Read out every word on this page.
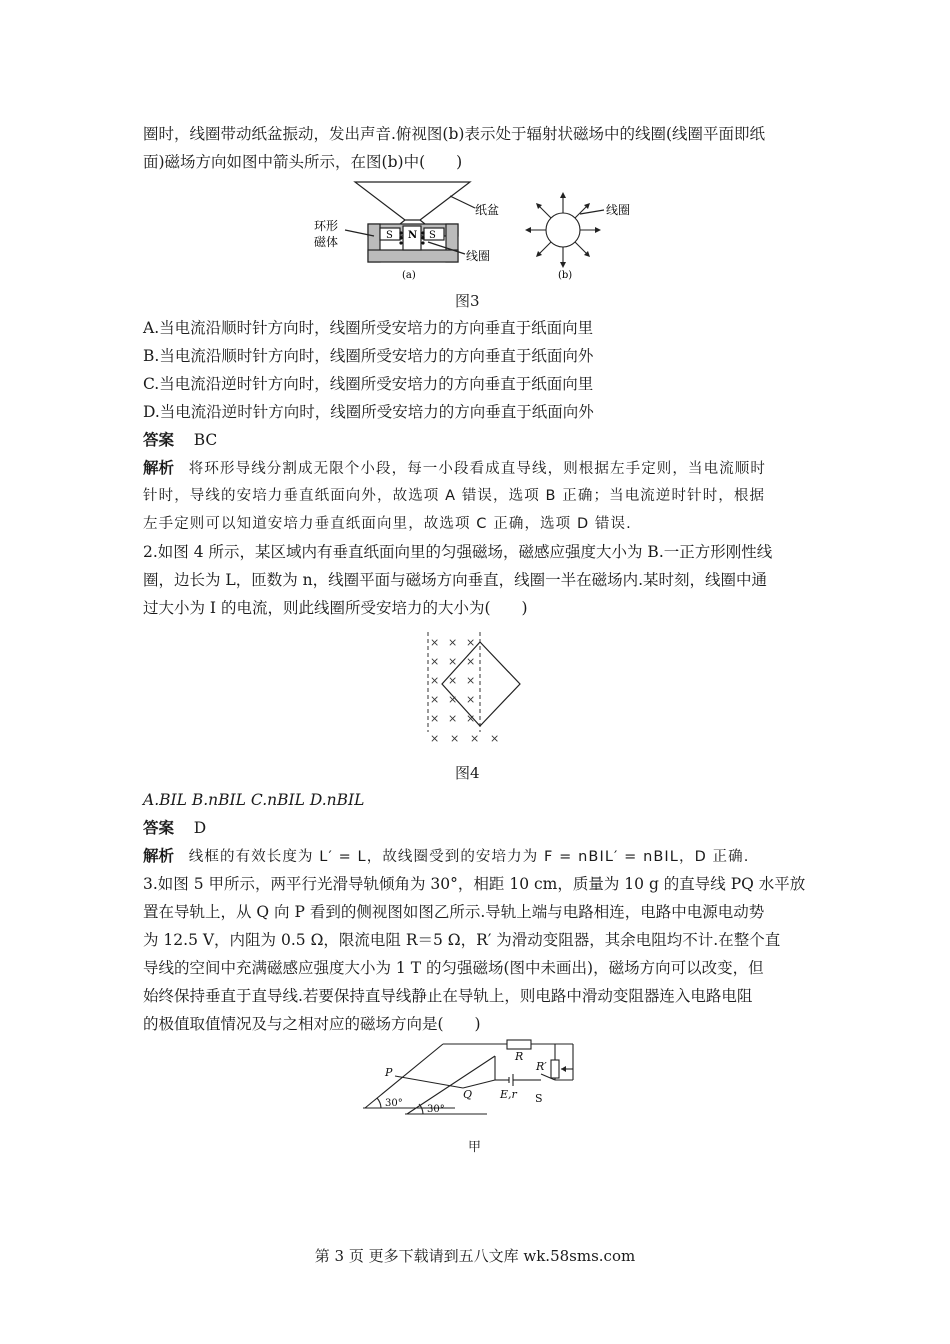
圈时，线圈带动纸盆振动，发出声音.俯视图(b)表示处于辐射状磁场中的线圈(线圈平面即纸
面)磁场方向如图中箭头所示，在图(b)中(　　)
纸盆
环形
磁体
线圈
S N S
(a)
线圈
(b)
图3
A.当电流沿顺时针方向时，线圈所受安培力的方向垂直于纸面向里
B.当电流沿顺时针方向时，线圈所受安培力的方向垂直于纸面向外
C.当电流沿逆时针方向时，线圈所受安培力的方向垂直于纸面向里
D.当电流沿逆时针方向时，线圈所受安培力的方向垂直于纸面向外
答案 BC
解析 将环形导线分割成无限个小段，每一小段看成直导线，则根据左手定则，当电流顺时
针时，导线的安培力垂直纸面向外，故选项 A 错误，选项 B 正确；当电流逆时针时，根据
左手定则可以知道安培力垂直纸面向里，故选项 C 正确，选项 D 错误.
2.如图 4 所示，某区域内有垂直纸面向里的匀强磁场，磁感应强度大小为 B.一正方形刚性线
圈，边长为 L，匝数为 n，线圈平面与磁场方向垂直，线圈一半在磁场内.某时刻，线圈中通
过大小为 I 的电流，则此线圈所受安培力的大小为(　　)
× × ×
× × ×
× × ×
× × ×
× × ×
× × × ×
图4
A.BIL B.nBIL C.nBIL D.nBIL
答案 D
解析 线框的有效长度为 L′ = L，故线圈受到的安培力为 F = nBIL′ = nBIL，D 正确.
3.如图 5 甲所示，两平行光滑导轨倾角为 30°，相距 10 cm，质量为 10 g 的直导线 PQ 水平放
置在导轨上，从 Q 向 P 看到的侧视图如图乙所示.导轨上端与电路相连，电路中电源电动势
为 12.5 V，内阻为 0.5 Ω，限流电阻 R＝5 Ω，R′ 为滑动变阻器，其余电阻均不计.在整个直
导线的空间中充满磁感应强度大小为 1 T 的匀强磁场(图中未画出)，磁场方向可以改变，但
始终保持垂直于直导线.若要保持直导线静止在导轨上，则电路中滑动变阻器连入电路电阻
的极值取值情况及与之相对应的磁场方向是(　　)
P
Q
R
R′
E,r S
30°
30°
甲
第 3 页 更多下载请到五八文库 wk.58sms.com
